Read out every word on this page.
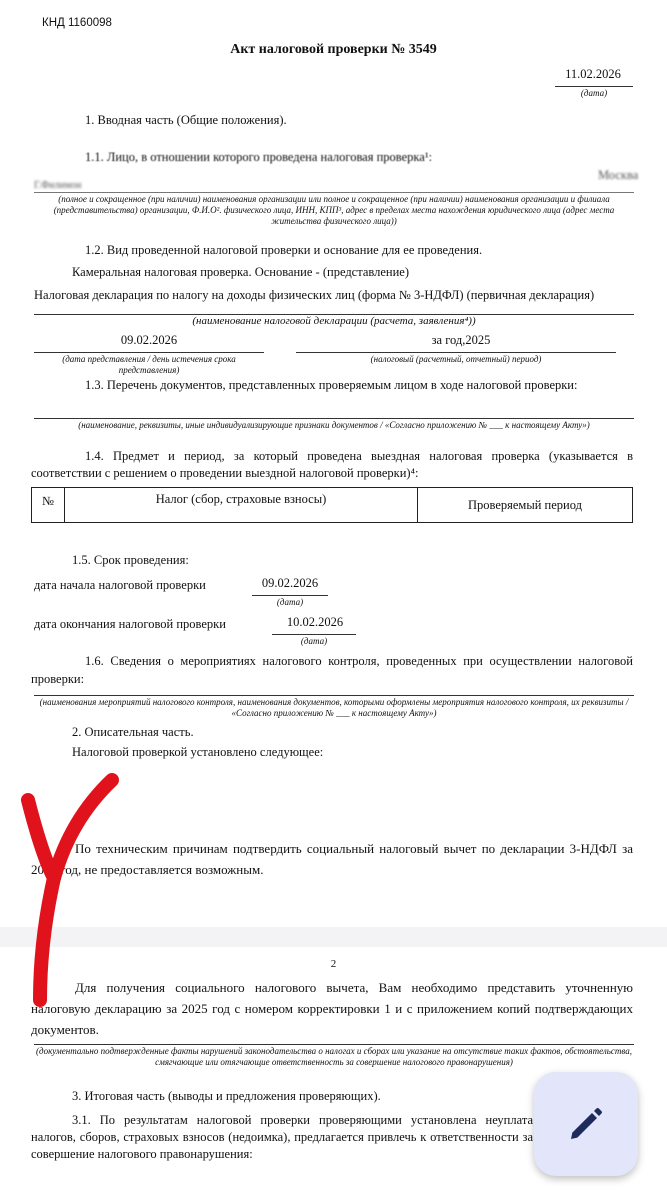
КНД 1160098
Акт налоговой проверки № 3549
11.02.2026
(дата)
1. Вводная часть (Общие положения).
1.1. Лицо, в отношении которого проведена налоговая проверка¹:
Москва
Г.Филимон
(полное и сокращенное (при наличии) наименования организации или полное и сокращенное (при наличии) наименования организации и филиала (представительства) организации, Ф.И.О². физического лица, ИНН, КПП³, адрес в пределах места нахождения юридического лица (адрес места жительства физического лица))
1.2. Вид проведенной налоговой проверки и основание для ее проведения.
Камеральная налоговая проверка. Основание - (представление)
Налоговая декларация по налогу на доходы физических лиц (форма № 3-НДФЛ) (первичная декларация)
(наименование налоговой декларации (расчета, заявления⁴))
09.02.2026
(дата представления / день истечения срока представления)
за год,2025
(налоговый (расчетный, отчетный) период)
1.3. Перечень документов, представленных проверяемым лицом в ходе налоговой проверки:
(наименование, реквизиты, иные индивидуализирующие признаки документов / «Согласно приложению № ___ к настоящему Акту»)
1.4. Предмет и период, за который проведена выездная налоговая проверка (указывается в соответствии с решением о проведении выездной налоговой проверки)⁴:
№	Налог (сбор, страховые взносы)	Проверяемый период
1.5. Срок проведения:
дата начала налоговой проверки	09.02.2026
(дата)
дата окончания налоговой проверки	10.02.2026
(дата)
1.6. Сведения о мероприятиях налогового контроля, проведенных при осуществлении налоговой проверки:
(наименования мероприятий налогового контроля, наименования документов, которыми оформлены мероприятия налогового контроля, их реквизиты / «Согласно приложению № ___ к настоящему Акту»)
2. Описательная часть.
Налоговой проверкой установлено следующее:
По техническим причинам подтвердить социальный налоговый вычет по декларации 3-НДФЛ за 2025 год, не предоставляется возможным.
2
Для получения социального налогового вычета, Вам необходимо представить уточненную налоговую декларацию за 2025 год с номером корректировки 1 и с приложением копий подтверждающих документов.
(документально подтвержденные факты нарушений законодательства о налогах и сборах или указание на отсутствие таких фактов, обстоятельства, смягчающие или отягчающие ответственность за совершение налогового правонарушения)
3. Итоговая часть (выводы и предложения проверяющих).
3.1. По результатам налоговой проверки проверяющими установлена неуплата налогов, сборов, страховых взносов (недоимка), предлагается привлечь к ответственности за совершение налогового правонарушения:
